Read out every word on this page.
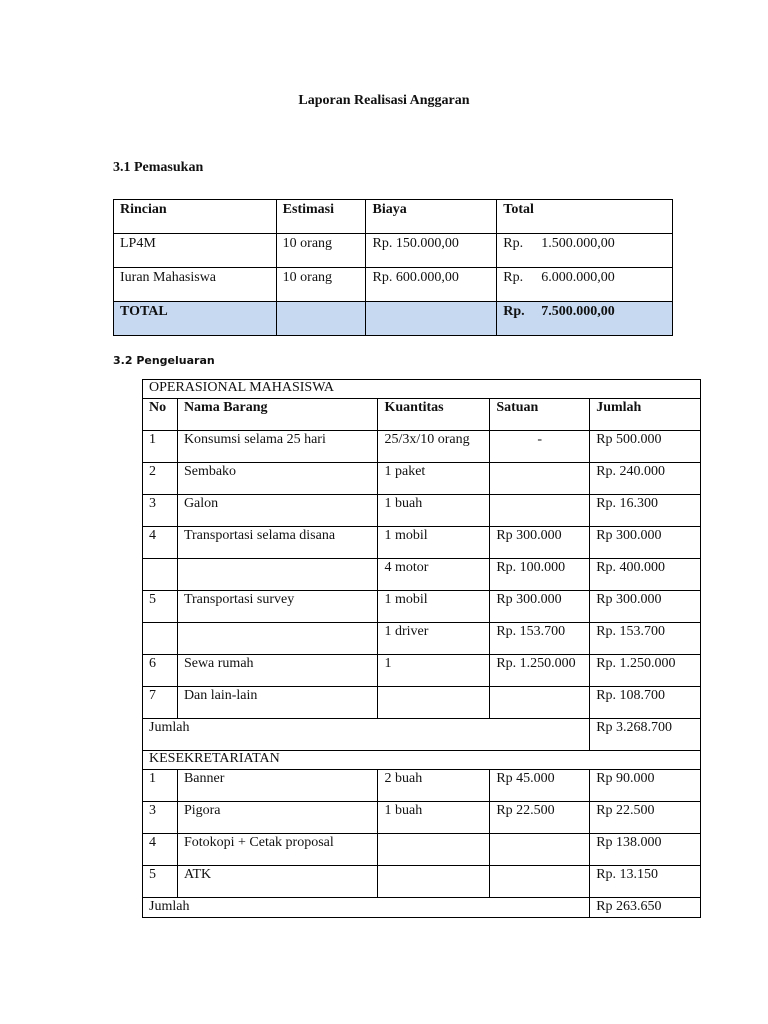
Laporan Realisasi Anggaran
3.1 Pemasukan
Rincian	Estimasi	Biaya	Total
LP4M	10 orang	Rp. 150.000,00	Rp. 1.500.000,00

Iuran Mahasiswa	10 orang	Rp. 600.000,00	Rp. 6.000.000,00

TOTAL			Rp. 7.500.000,00
3.2 Pengeluaran
OPERASIONAL MAHASISWA				
No	Nama Barang	Kuantitas	Satuan	Jumlah
1	Konsumsi selama 25 hari	25/3x/10 orang	-	Rp 500.000
2	Sembako	1 paket		Rp. 240.000
3	Galon	1 buah		Rp. 16.300
4	Transportasi selama disana	1 mobil	Rp 300.000	Rp 300.000
		4 motor	Rp. 100.000	Rp. 400.000
5	Transportasi survey	1 mobil	Rp 300.000	Rp 300.000
		1 driver	Rp. 153.700	Rp. 153.700
6	Sewa rumah	1	Rp. 1.250.000	Rp. 1.250.000
7	Dan lain-lain			Rp. 108.700
Jumlah				Rp 3.268.700
KESEKRETARIATAN				
1	Banner	2 buah	Rp 45.000	Rp 90.000
3	Pigora	1 buah	Rp 22.500	Rp 22.500
4	Fotokopi + Cetak proposal			Rp 138.000
5	ATK			Rp. 13.150
Jumlah				Rp 263.650
